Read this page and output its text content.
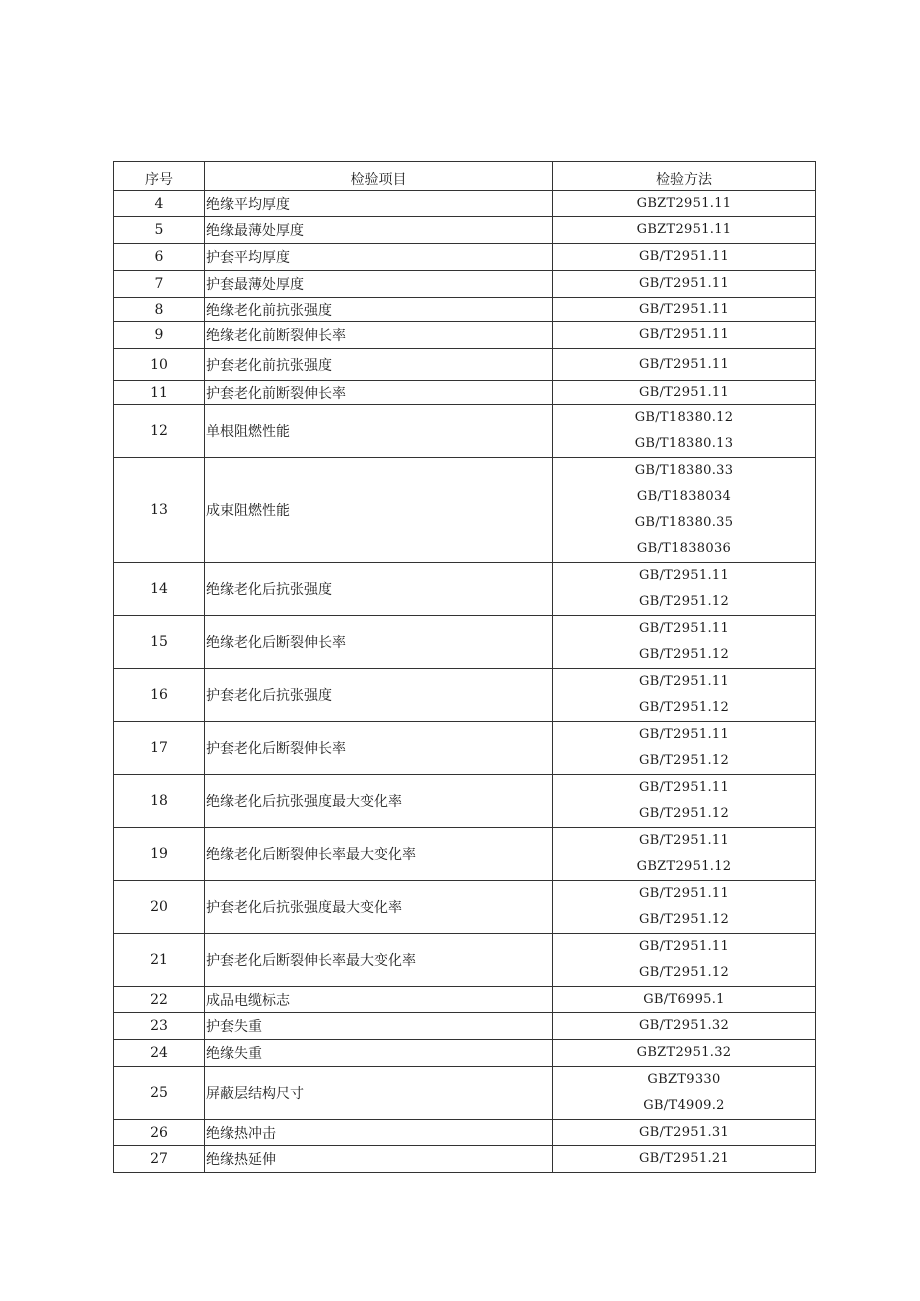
序号	检验项目	检验方法
4	绝缘平均厚度	GBZT2951.11

5	绝缘最薄处厚度	GBZT2951.11

6	护套平均厚度	GB/T2951.11

7	护套最薄处厚度	GB/T2951.11

8	绝缘老化前抗张强度	GB/T2951.11

9	绝缘老化前断裂伸长率	GB/T2951.11

10	护套老化前抗张强度	GB/T2951.11

11	护套老化前断裂伸长率	GB/T2951.11

12	单根阻燃性能	GB/T18380.12
GB/T18380.13

13	成束阻燃性能	GB/T18380.33
GB/T1838034
GB/T18380.35
GB/T1838036

14	绝缘老化后抗张强度	GB/T2951.11
GB/T2951.12

15	绝缘老化后断裂伸长率	GB/T2951.11
GB/T2951.12

16	护套老化后抗张强度	GB/T2951.11
GB/T2951.12

17	护套老化后断裂伸长率	GB/T2951.11
GB/T2951.12

18	绝缘老化后抗张强度最大变化率	GB/T2951.11
GB/T2951.12

19	绝缘老化后断裂伸长率最大变化率	GB/T2951.11
GBZT2951.12

20	护套老化后抗张强度最大变化率	GB/T2951.11
GB/T2951.12

21	护套老化后断裂伸长率最大变化率	GB/T2951.11
GB/T2951.12

22	成品电缆标志	GB/T6995.1

23	护套失重	GB/T2951.32

24	绝缘失重	GBZT2951.32

25	屏蔽层结构尺寸	GBZT9330
GB/T4909.2

26	绝缘热冲击	GB/T2951.31

27	绝缘热延伸	GB/T2951.21
